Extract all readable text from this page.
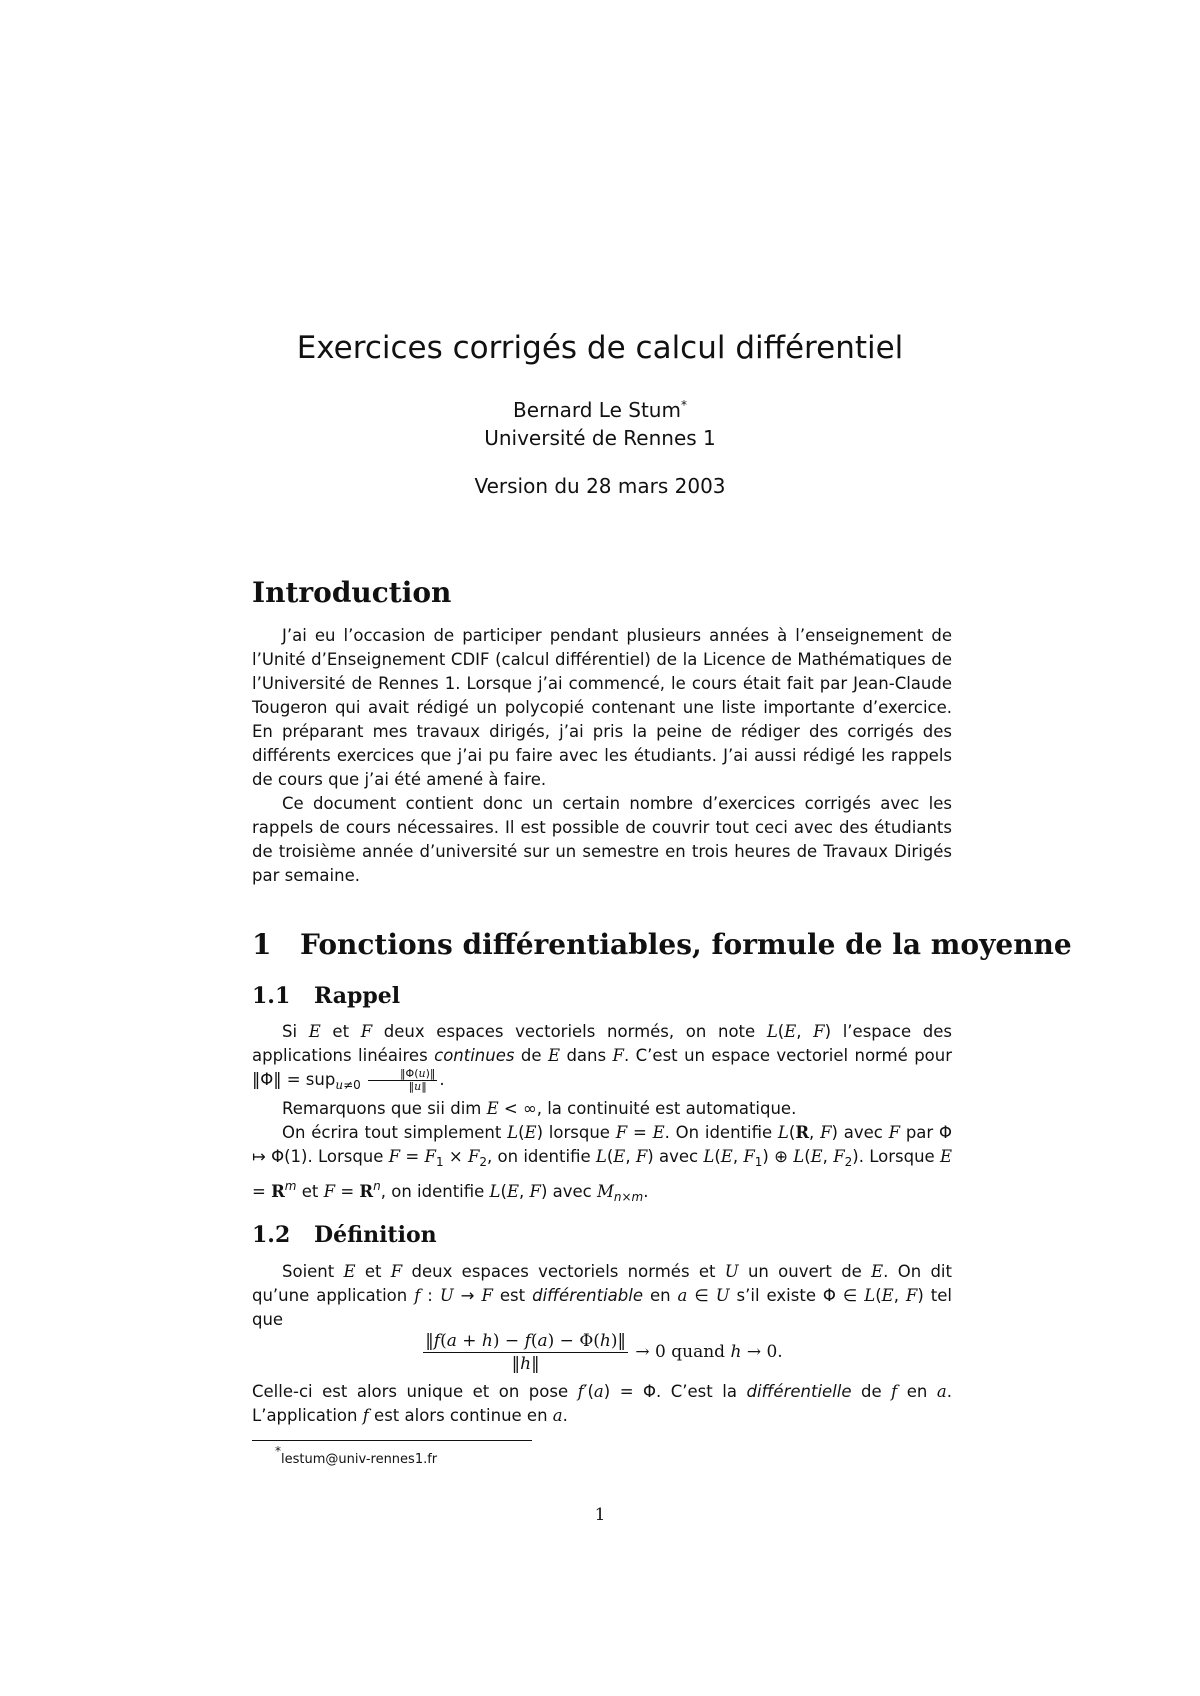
Exercices corrigés de calcul différentiel
Bernard Le Stum*
Université de Rennes 1
Version du 28 mars 2003
Introduction

J’ai eu l’occasion de participer pendant plusieurs années à l’enseignement de l’Unité d’Enseignement CDIF (calcul différentiel) de la Licence de Mathématiques de l’Université de Rennes 1. Lorsque j’ai commencé, le cours était fait par Jean-Claude Tougeron qui avait rédigé un polycopié contenant une liste importante d’exercice. En préparant mes travaux dirigés, j’ai pris la peine de rédiger des corrigés des différents exercices que j’ai pu faire avec les étudiants. J’ai aussi rédigé les rappels de cours que j’ai été amené à faire.

Ce document contient donc un certain nombre d’exercices corrigés avec les rappels de cours nécessaires. Il est possible de couvrir tout ceci avec des étudiants de troisième année d’université sur un semestre en trois heures de Travaux Dirigés par semaine.

1 Fonctions différentiables, formule de la moyenne
1.1 Rappel

Si E et F deux espaces vectoriels normés, on note L(E, F) l’espace des applications linéaires continues de E dans F. C’est un espace vectoriel normé pour ‖Φ‖ = $sup_{u\ne 0} \frac{‖\Phi(u)‖}{‖u‖}$ .

Remarquons que sii dim E < ∞, la continuité est automatique.

On écrira tout simplement L(E) lorsque F = E. On identifie L(R, F) avec F par Φ ↦ Φ(1). Lorsque $F = F_1 \times F_2$, on identifie L(E, F) avec L(E, $F_1$) ⊕ L(E, $F_2$). Lorsque $E = R^m$ et $F = R^n$, on identifie L(E, F) avec $M_{n\times m}$.

1.2 Définition

Soient E et F deux espaces vectoriels normés et U un ouvert de E. On dit qu’une application f : U → F est différentiable en a ∈ U s’il existe Φ ∈ L(E, F) tel que

$\frac{‖f(a + h) - f(a) - \Phi(h)‖}{‖h‖} \to 0$ quand h → 0.

Celle-ci est alors unique et on pose f′(a) = Φ. C’est la différentielle de f en a. L’application f est alors continue en a.

*lestum@univ-rennes1.fr
1
